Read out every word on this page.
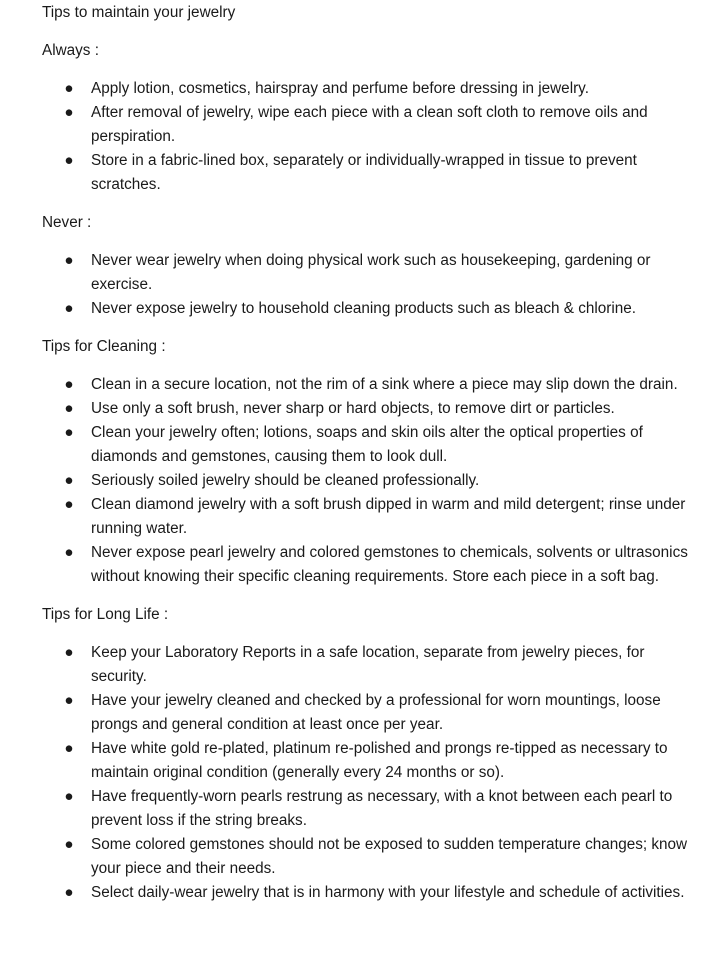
Tips to maintain your jewelry
Always :
● Apply lotion, cosmetics, hairspray and perfume before dressing in jewelry.
● After removal of jewelry, wipe each piece with a clean soft cloth to remove oils and perspiration.
● Store in a fabric-lined box, separately or individually-wrapped in tissue to prevent scratches.
Never :
● Never wear jewelry when doing physical work such as housekeeping, gardening or exercise.
● Never expose jewelry to household cleaning products such as bleach & chlorine.
Tips for Cleaning :
● Clean in a secure location, not the rim of a sink where a piece may slip down the drain.
● Use only a soft brush, never sharp or hard objects, to remove dirt or particles.
● Clean your jewelry often; lotions, soaps and skin oils alter the optical properties of diamonds and gemstones, causing them to look dull.
● Seriously soiled jewelry should be cleaned professionally.
● Clean diamond jewelry with a soft brush dipped in warm and mild detergent; rinse under running water.
● Never expose pearl jewelry and colored gemstones to chemicals, solvents or ultrasonics without knowing their specific cleaning requirements. Store each piece in a soft bag.
Tips for Long Life :
● Keep your Laboratory Reports in a safe location, separate from jewelry pieces, for security.
● Have your jewelry cleaned and checked by a professional for worn mountings, loose prongs and general condition at least once per year.
● Have white gold re-plated, platinum re-polished and prongs re-tipped as necessary to maintain original condition (generally every 24 months or so).
● Have frequently-worn pearls restrung as necessary, with a knot between each pearl to prevent loss if the string breaks.
● Some colored gemstones should not be exposed to sudden temperature changes; know your piece and their needs.
● Select daily-wear jewelry that is in harmony with your lifestyle and schedule of activities.
